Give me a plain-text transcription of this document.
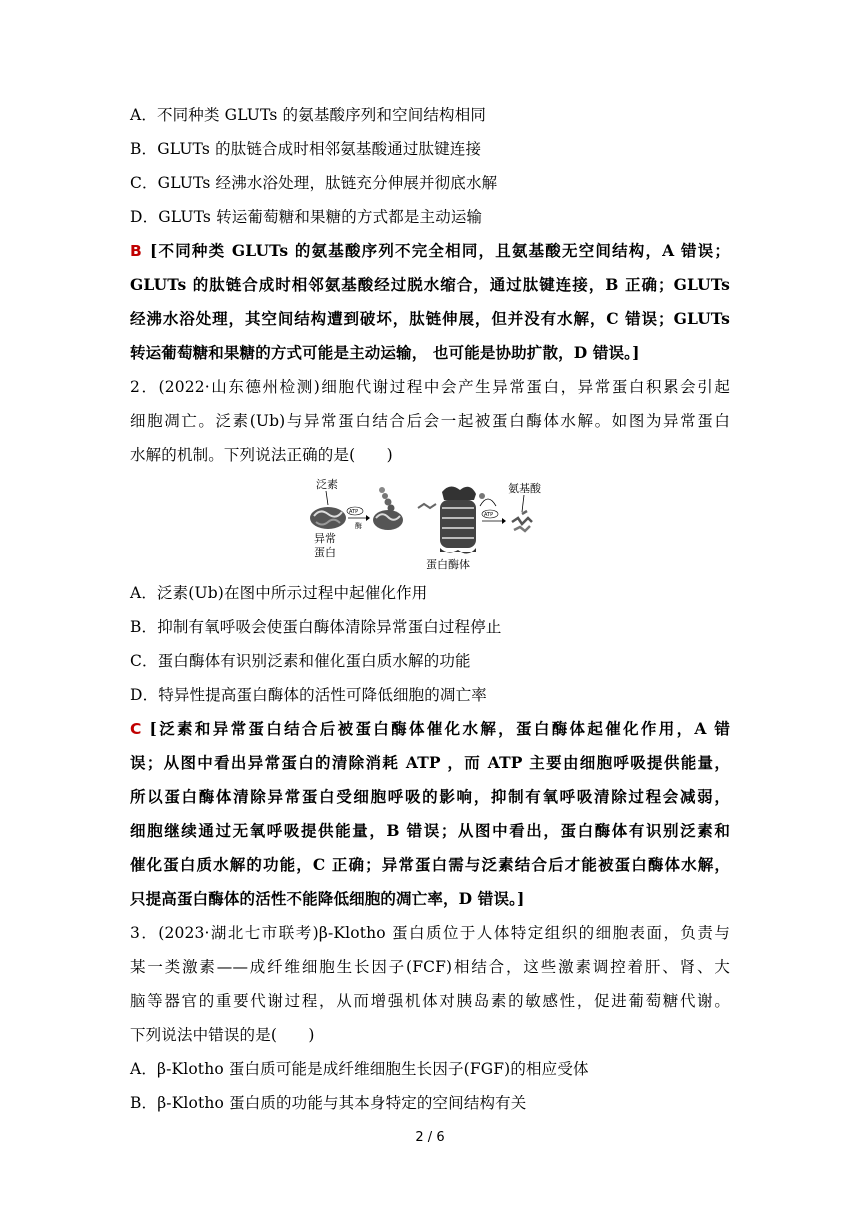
A．不同种类 GLUTs 的氨基酸序列和空间结构相同
B．GLUTs 的肽链合成时相邻氨基酸通过肽键连接
C．GLUTs 经沸水浴处理，肽链充分伸展并彻底水解
D．GLUTs 转运葡萄糖和果糖的方式都是主动运输
B [不同种类 GLUTs 的氨基酸序列不完全相同，且氨基酸无空间结构，A 错误；
GLUTs 的肽链合成时相邻氨基酸经过脱水缩合，通过肽键连接，B 正确；GLUTs
经沸水浴处理，其空间结构遭到破坏，肽链伸展，但并没有水解，C 错误；GLUTs
转运葡萄糖和果糖的方式可能是主动运输， 也可能是协助扩散，D 错误。]
2．(2022·山东德州检测)细胞代谢过程中会产生异常蛋白，异常蛋白积累会引起
细胞凋亡。泛素(Ub)与异常蛋白结合后会一起被蛋白酶体水解。如图为异常蛋白
水解的机制。下列说法正确的是(　　)
泛素
异常
蛋白
ATP
酶
蛋白酶体
ATP
氨基酸
A．泛素(Ub)在图中所示过程中起催化作用
B．抑制有氧呼吸会使蛋白酶体清除异常蛋白过程停止
C．蛋白酶体有识别泛素和催化蛋白质水解的功能
D．特异性提高蛋白酶体的活性可降低细胞的凋亡率
C [泛素和异常蛋白结合后被蛋白酶体催化水解，蛋白酶体起催化作用，A 错
误；从图中看出异常蛋白的清除消耗 ATP ，而 ATP 主要由细胞呼吸提供能量，
所以蛋白酶体清除异常蛋白受细胞呼吸的影响，抑制有氧呼吸清除过程会减弱，
细胞继续通过无氧呼吸提供能量，B 错误；从图中看出，蛋白酶体有识别泛素和
催化蛋白质水解的功能，C 正确；异常蛋白需与泛素结合后才能被蛋白酶体水解，
只提高蛋白酶体的活性不能降低细胞的凋亡率，D 错误。]
3．(2023·湖北七市联考)β-Klotho 蛋白质位于人体特定组织的细胞表面，负责与
某一类激素——成纤维细胞生长因子(FCF)相结合，这些激素调控着肝、肾、大
脑等器官的重要代谢过程，从而增强机体对胰岛素的敏感性，促进葡萄糖代谢。
下列说法中错误的是(　　)
A．β-Klotho 蛋白质可能是成纤维细胞生长因子(FGF)的相应受体
B．β-Klotho 蛋白质的功能与其本身特定的空间结构有关
2 / 6
